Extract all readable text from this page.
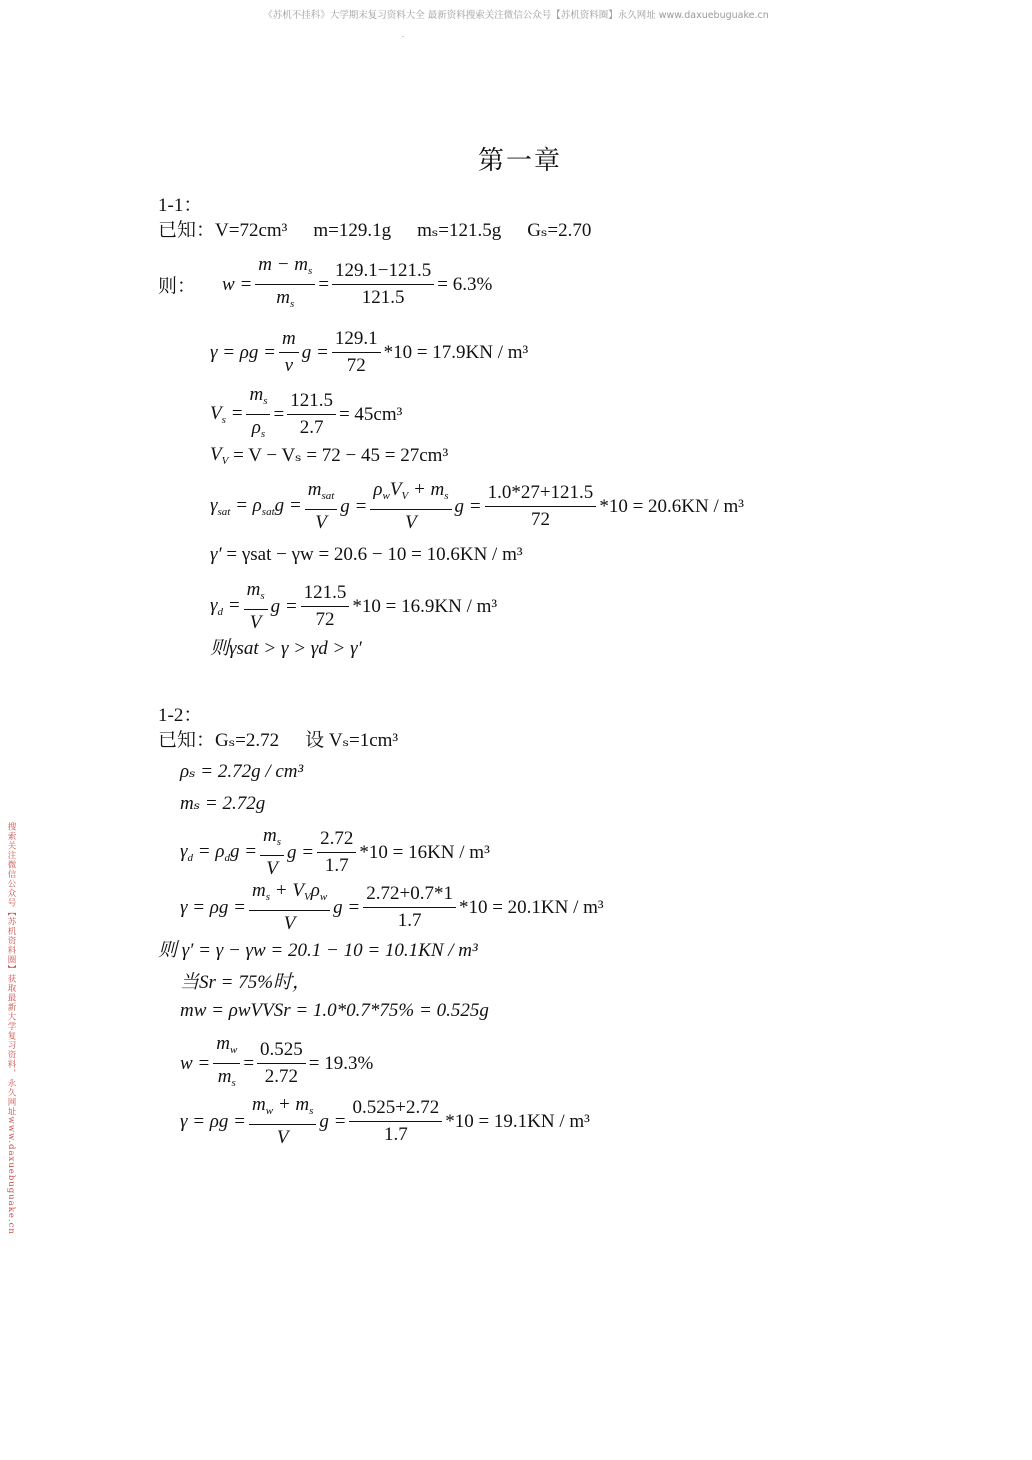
《苏机不挂科》大学期末复习资料大全 最新资料搜索关注微信公众号【苏机资料圈】永久网址 www.daxuebuguake.cn
.
搜索关注微信公众号【苏机资料圈】获取最新大学复习资料，永久网址www.daxuebuguake.cn
第一章
1-1：
已知：V=72cm³ m=129.1g mₛ=121.5g Gₛ=2.70
则： $w = \frac{m - m_s}{m_s} = \frac{129.1-121.5}{121.5} = 6.3\%$
$\gamma = \rho g = \frac{m}{v}$ $g = \frac{129.1}{72} *10 = 17.9KN / m^3$
$V_s = \frac{m_s}{\rho_s} = \frac{121.5}{2.7} = 45cm^3$
$V_V = V - V_s = 72 - 45 = 27cm^3$
$\gamma_{sat} = \rho_{sat}g = \frac{m_{sat}}{V}$ $g = \frac{\rho_wV_V + m_s}{V}$ $g = \frac{1.0*27+121.5}{72} *10 = 20.6KN / m^3$
γ′ = γsat − γw = 20.6 − 10 = 10.6KN / m³
$\gamma_d = \frac{m_s}{V}$ $g = \frac{121.5}{72} *10 = 16.9KN / m^3$
则γsat > γ > γd > γ′
1-2：
已知：Gₛ=2.72 设 Vₛ=1cm³
ρₛ = 2.72g / cm³
mₛ = 2.72g
$\gamma_d = \rho_dg = \frac{m_s}{V}$ $g = \frac{2.72}{1.7} *10 = 16KN / m^3$
$\gamma = \rho g = \frac{m_s + V_V\rho_w}{V}$ $g = \frac{2.72+0.7*1}{1.7} *10 = 20.1KN / m^3$
则 γ′ = γ − γw = 20.1 − 10 = 10.1KN / m³
当Sr = 75%时，
mw = ρwVVSr = 1.0*0.7*75% = 0.525g
$w = \frac{m_w}{m_s} = \frac{0.525}{2.72} = 19.3\%$
$\gamma = \rho g = \frac{m_w + m_s}{V}$ $g = \frac{0.525+2.72}{1.7} *10 = 19.1KN / m^3$
